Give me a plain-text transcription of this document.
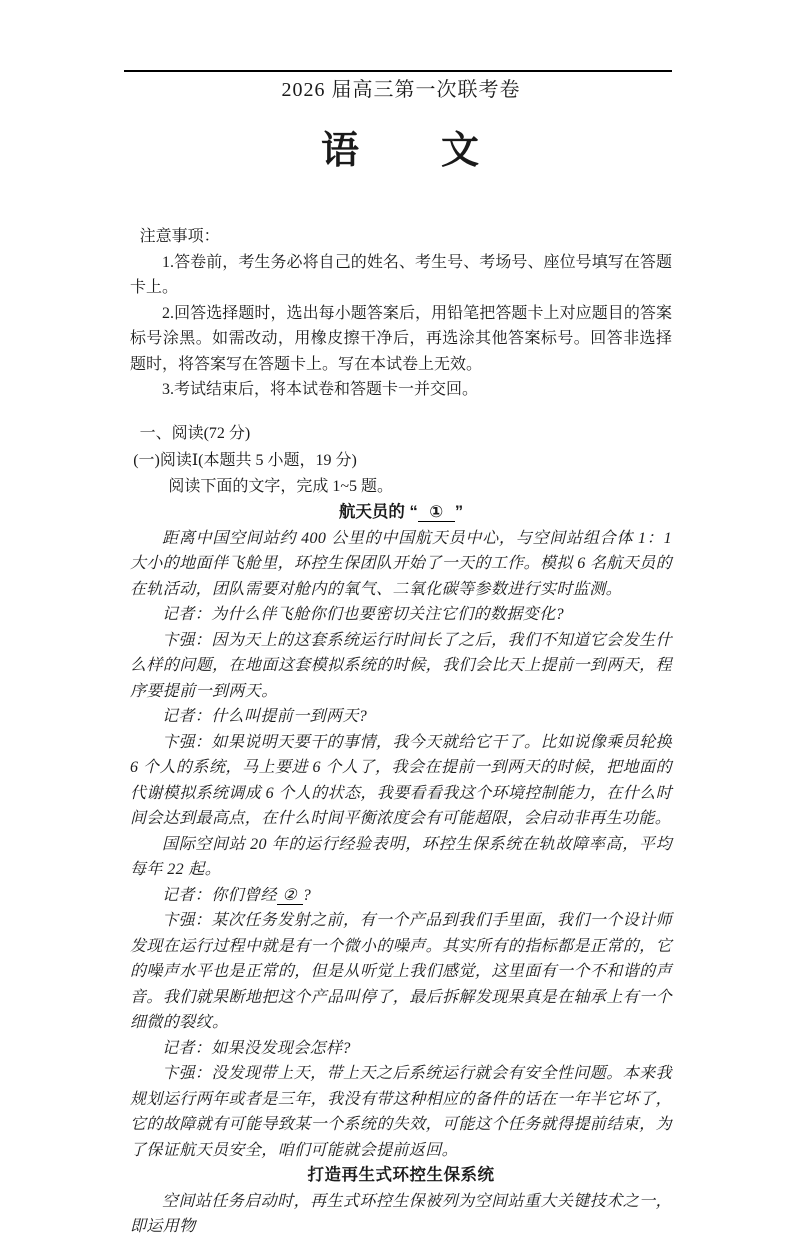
2026 届高三第一次联考卷
语　　文
注意事项：

1.答卷前，考生务必将自己的姓名、考生号、考场号、座位号填写在答题卡上。

2.回答选择题时，选出每小题答案后，用铅笔把答题卡上对应题目的答案标号涂黑。如需改动，用橡皮擦干净后，再选涂其他答案标号。回答非选择题时，将答案写在答题卡上。写在本试卷上无效。

3.考试结束后，将本试卷和答题卡一并交回。

一、阅读(72 分)
(一)阅读Ⅰ(本题共 5 小题，19 分)
阅读下面的文字，完成 1~5 题。
航天员的 “ ① ”

距离中国空间站约 400 公里的中国航天员中心，与空间站组合体 1：1 大小的地面伴飞舱里，环控生保团队开始了一天的工作。模拟 6 名航天员的在轨活动，团队需要对舱内的氧气、二氧化碳等参数进行实时监测。

记者：为什么伴飞舱你们也要密切关注它们的数据变化?

卞强：因为天上的这套系统运行时间长了之后，我们不知道它会发生什么样的问题，在地面这套模拟系统的时候，我们会比天上提前一到两天，程序要提前一到两天。

记者：什么叫提前一到两天?

卞强：如果说明天要干的事情，我今天就给它干了。比如说像乘员轮换 6 个人的系统，马上要进 6 个人了，我会在提前一到两天的时候，把地面的代谢模拟系统调成 6 个人的状态，我要看看我这个环境控制能力，在什么时间会达到最高点，在什么时间平衡浓度会有可能超限，会启动非再生功能。

国际空间站 20 年的运行经验表明，环控生保系统在轨故障率高，平均每年 22 起。

记者：你们曾经 ② ?

卞强：某次任务发射之前，有一个产品到我们手里面，我们一个设计师发现在运行过程中就是有一个微小的噪声。其实所有的指标都是正常的，它的噪声水平也是正常的，但是从听觉上我们感觉，这里面有一个不和谐的声音。我们就果断地把这个产品叫停了，最后拆解发现果真是在轴承上有一个细微的裂纹。

记者：如果没发现会怎样?

卞强：没发现带上天，带上天之后系统运行就会有安全性问题。本来我规划运行两年或者是三年，我没有带这种相应的备件的话在一年半它坏了，它的故障就有可能导致某一个系统的失效，可能这个任务就得提前结束，为了保证航天员安全，咱们可能就会提前返回。

打造再生式环控生保系统

空间站任务启动时，再生式环控生保被列为空间站重大关键技术之一，即运用物
